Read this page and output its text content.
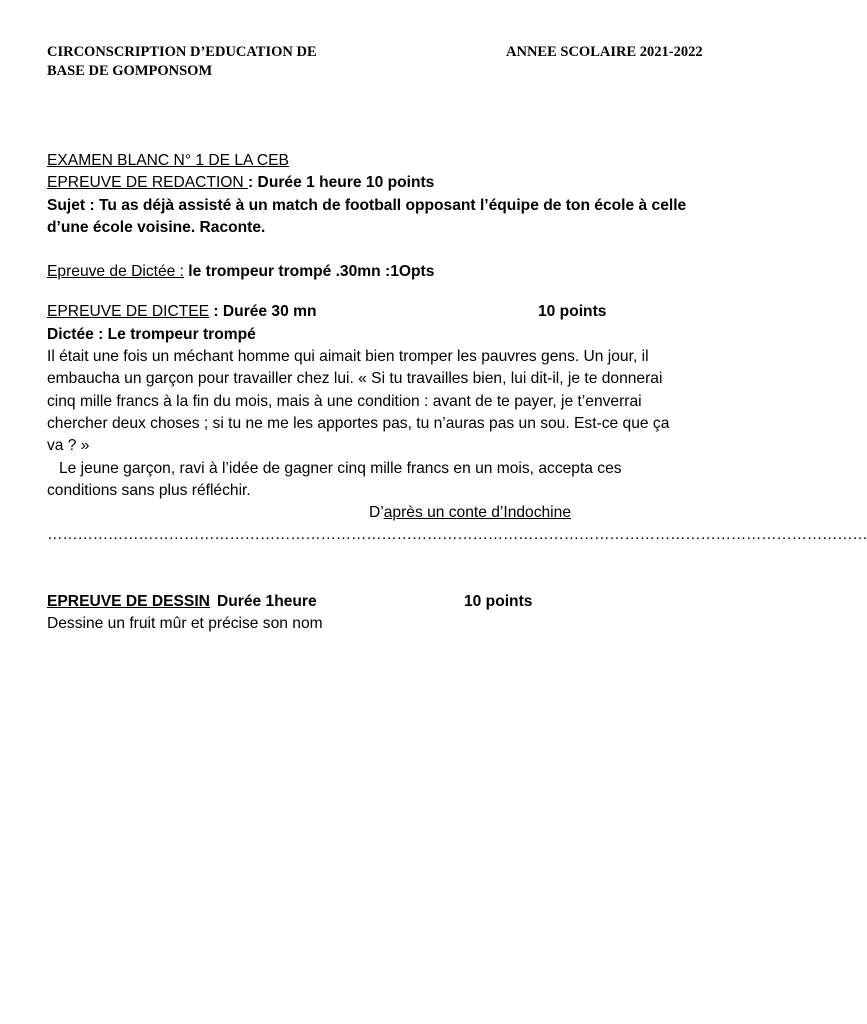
CIRCONSCRIPTION D’EDUCATION DE
BASE DE GOMPONSOM
ANNEE SCOLAIRE 2021-2022
EXAMEN BLANC N° 1 DE LA CEB
EPREUVE DE REDACTION : Durée 1 heure 10 points
Sujet : Tu as déjà assisté à un match de football opposant l’équipe de ton école à celle
d’une école voisine. Raconte.
Epreuve de Dictée : le trompeur trompé .30mn :1Opts
EPREUVE DE DICTEE : Durée 30 mn	10 points
Dictée : Le trompeur trompé
Il était une fois un méchant homme qui aimait bien tromper les pauvres gens. Un jour, il
embaucha un garçon pour travailler chez lui. « Si tu travailles bien, lui dit-il, je te donnerai
cinq mille francs à la fin du mois, mais à une condition : avant de te payer, je t’enverrai
chercher deux choses ; si tu ne me les apportes pas, tu n’auras pas un sou. Est-ce que ça
va ? »
Le jeune garçon, ravi à l’idée de gagner cinq mille francs en un mois, accepta ces
conditions sans plus réfléchir.
D’après un conte d’Indochine
………………………………………………………………………………………………………………………………………………
EPREUVE DE DESSIN Durée 1heure	10 points
Dessine un fruit mûr et précise son nom
